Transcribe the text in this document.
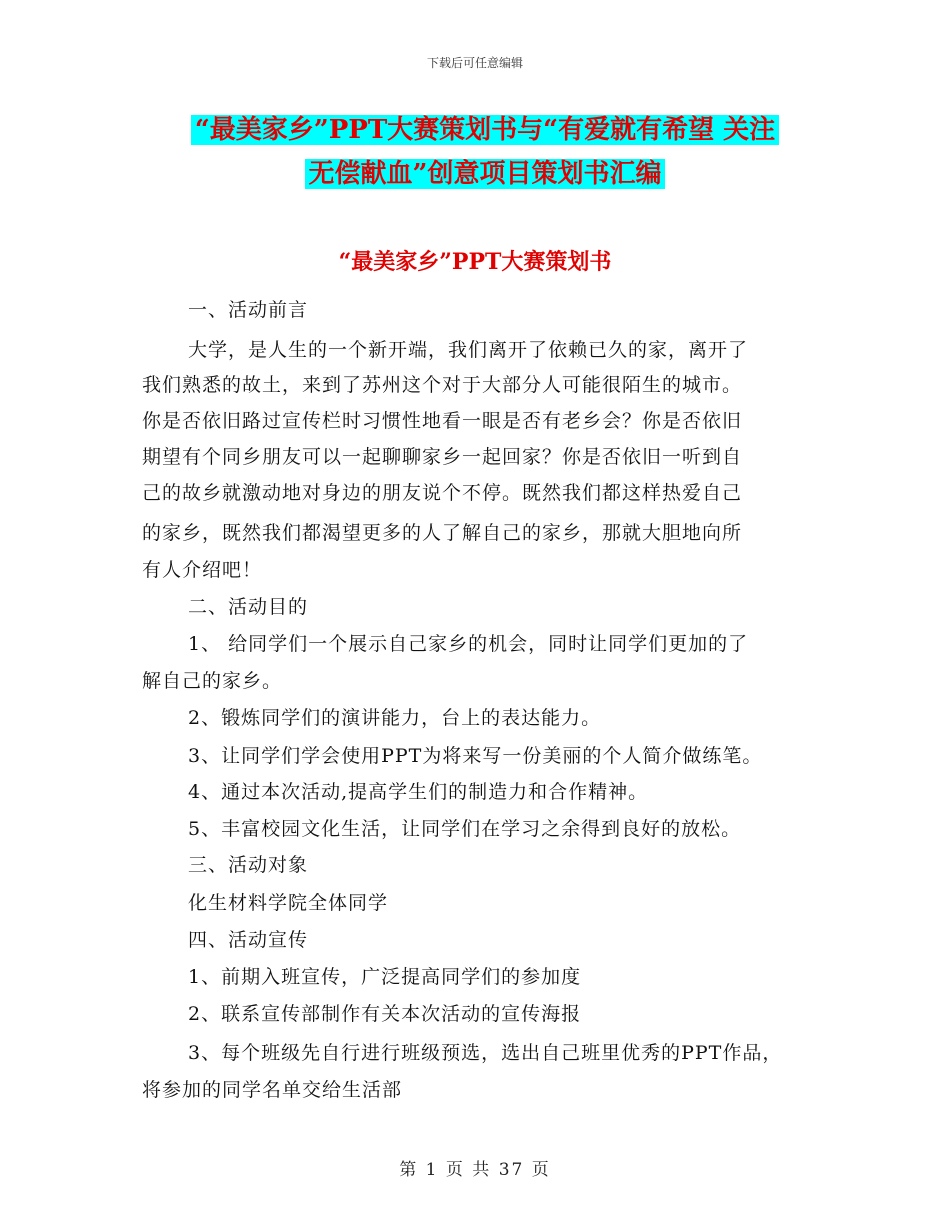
下载后可任意编辑
“最美家乡”PPT大赛策划书与“有爱就有希望 关注
无偿献血”创意项目策划书汇编
“最美家乡”PPT大赛策划书
一、活动前言
大学，是人生的一个新开端，我们离开了依赖已久的家，离开了
我们熟悉的故土，来到了苏州这个对于大部分人可能很陌生的城市。
你是否依旧路过宣传栏时习惯性地看一眼是否有老乡会？你是否依旧
期望有个同乡朋友可以一起聊聊家乡一起回家？你是否依旧一听到自
己的故乡就激动地对身边的朋友说个不停。既然我们都这样热爱自己
的家乡，既然我们都渴望更多的人了解自己的家乡，那就大胆地向所
有人介绍吧！
二、活动目的
1、 给同学们一个展示自己家乡的机会，同时让同学们更加的了
解自己的家乡。
2、锻炼同学们的演讲能力，台上的表达能力。
3、让同学们学会使用PPT为将来写一份美丽的个人简介做练笔。
4、通过本次活动,提高学生们的制造力和合作精神。
5、丰富校园文化生活，让同学们在学习之余得到良好的放松。
三、活动对象
化生材料学院全体同学
四、活动宣传
1、前期入班宣传，广泛提高同学们的参加度
2、联系宣传部制作有关本次活动的宣传海报
3、每个班级先自行进行班级预选，选出自己班里优秀的PPT作品，
将参加的同学名单交给生活部
第 1 页 共 37 页
